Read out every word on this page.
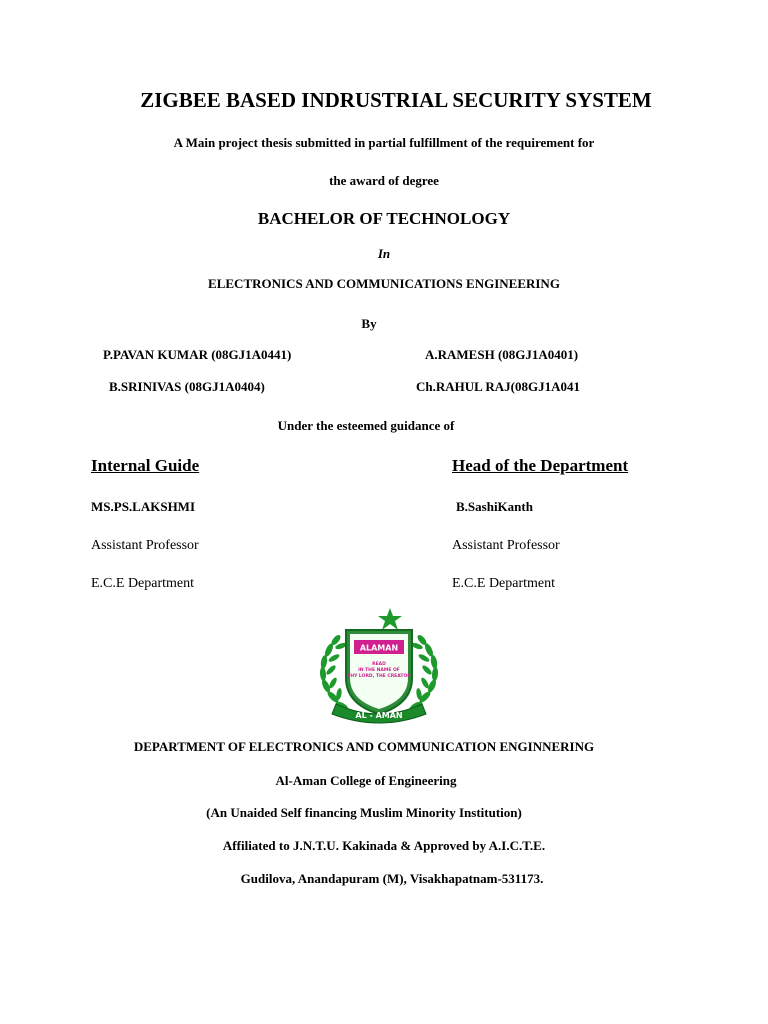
ZIGBEE BASED INDRUSTRIAL SECURITY SYSTEM
A Main project thesis submitted in partial fulfillment of the requirement for
the award of degree
BACHELOR OF TECHNOLOGY
In
ELECTRONICS AND COMMUNICATIONS ENGINEERING
By
P.PAVAN KUMAR (08GJ1A0441)	A.RAMESH (08GJ1A0401)
B.SRINIVAS (08GJ1A0404)	Ch.RAHUL RAJ(08GJ1A041
Under the esteemed guidance of
Internal Guide	Head of the Department
MS.PS.LAKSHMI	B.SashiKanth
Assistant Professor	Assistant Professor
E.C.E Department	E.C.E Department
ALAMAN
READ
IN THE NAME OF
THY LORD, THE CREATOR
AL - AMAN
DEPARTMENT OF ELECTRONICS AND COMMUNICATION ENGINNERING
Al-Aman College of Engineering
(An Unaided Self financing Muslim Minority Institution)
Affiliated to J.N.T.U. Kakinada & Approved by A.I.C.T.E.
Gudilova, Anandapuram (M), Visakhapatnam-531173.
